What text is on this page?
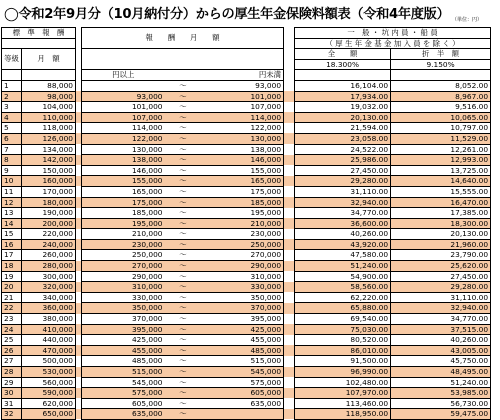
◯令和2年9月分（10月納付分）からの厚生年金保険料額表（令和4年度版） （単位：円）
標　準　報　酬			報　　酬　　月　　額				一　般 ・ 坑 内 員 ・ 船 員	
							（ 厚 生 年 金 基 金 加 入 員 を 除 く ）	
等級	月　額						全　　額	折　半　額
							18.300%	9.150%
			円以上		円未満			
1	88,000			～	93,000		16,104.00	8,052.00
2	98,000		93,000	～	101,000		17,934.00	8,967.00
3	104,000		101,000	～	107,000		19,032.00	9,516.00
4	110,000		107,000	～	114,000		20,130.00	10,065.00
5	118,000		114,000	～	122,000		21,594.00	10,797.00
6	126,000		122,000	～	130,000		23,058.00	11,529.00
7	134,000		130,000	～	138,000		24,522.00	12,261.00
8	142,000		138,000	～	146,000		25,986.00	12,993.00
9	150,000		146,000	～	155,000		27,450.00	13,725.00
10	160,000		155,000	～	165,000		29,280.00	14,640.00
11	170,000		165,000	～	175,000		31,110.00	15,555.00
12	180,000		175,000	～	185,000		32,940.00	16,470.00
13	190,000		185,000	～	195,000		34,770.00	17,385.00
14	200,000		195,000	～	210,000		36,600.00	18,300.00
15	220,000		210,000	～	230,000		40,260.00	20,130.00
16	240,000		230,000	～	250,000		43,920.00	21,960.00
17	260,000		250,000	～	270,000		47,580.00	23,790.00
18	280,000		270,000	～	290,000		51,240.00	25,620.00
19	300,000		290,000	～	310,000		54,900.00	27,450.00
20	320,000		310,000	～	330,000		58,560.00	29,280.00
21	340,000		330,000	～	350,000		62,220.00	31,110.00
22	360,000		350,000	～	370,000		65,880.00	32,940.00
23	380,000		370,000	～	395,000		69,540.00	34,770.00
24	410,000		395,000	～	425,000		75,030.00	37,515.00
25	440,000		425,000	～	455,000		80,520.00	40,260.00
26	470,000		455,000	～	485,000		86,010.00	43,005.00
27	500,000		485,000	～	515,000		91,500.00	45,750.00
28	530,000		515,000	～	545,000		96,990.00	48,495.00
29	560,000		545,000	～	575,000		102,480.00	51,240.00
30	590,000		575,000	～	605,000		107,970.00	53,985.00
31	620,000		605,000	～	635,000		113,460.00	56,730.00
32	650,000		635,000	～			118,950.00	59,475.00
